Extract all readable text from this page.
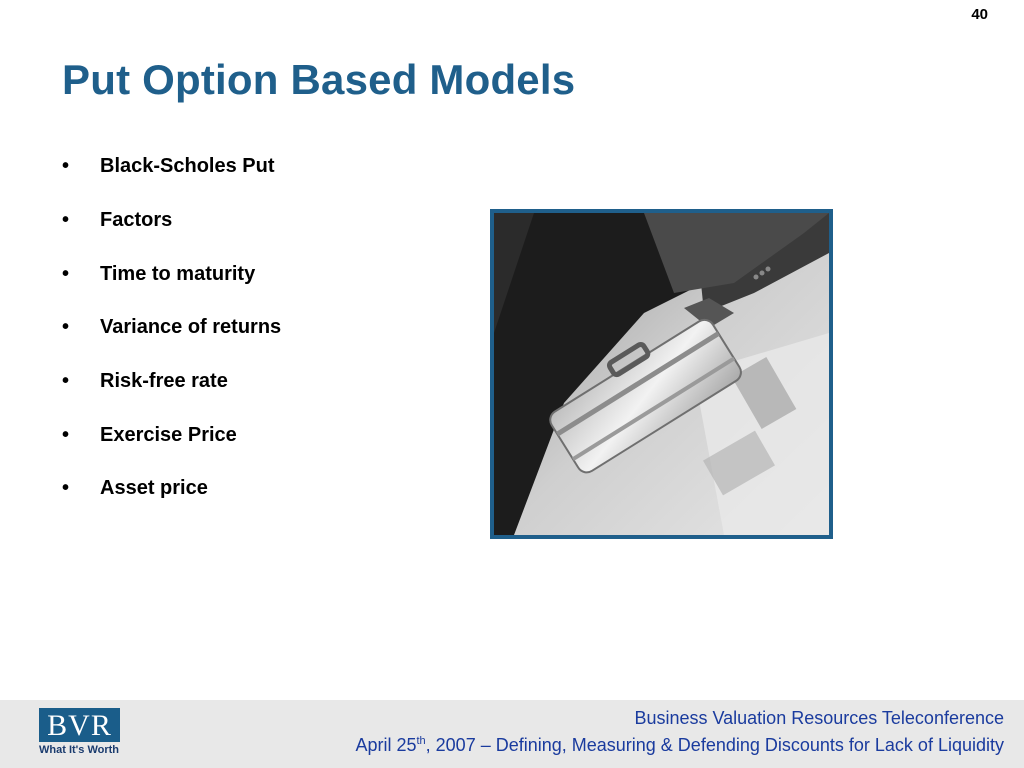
40
Put Option Based Models
•	Black-Scholes Put
•	Factors
•	Time to maturity
•	Variance of returns
•	Risk-free rate
•	Exercise Price
•	Asset price
BVR
What It's Worth
Business Valuation Resources Teleconference
April 25th, 2007 – Defining, Measuring & Defending Discounts for Lack of Liquidity
